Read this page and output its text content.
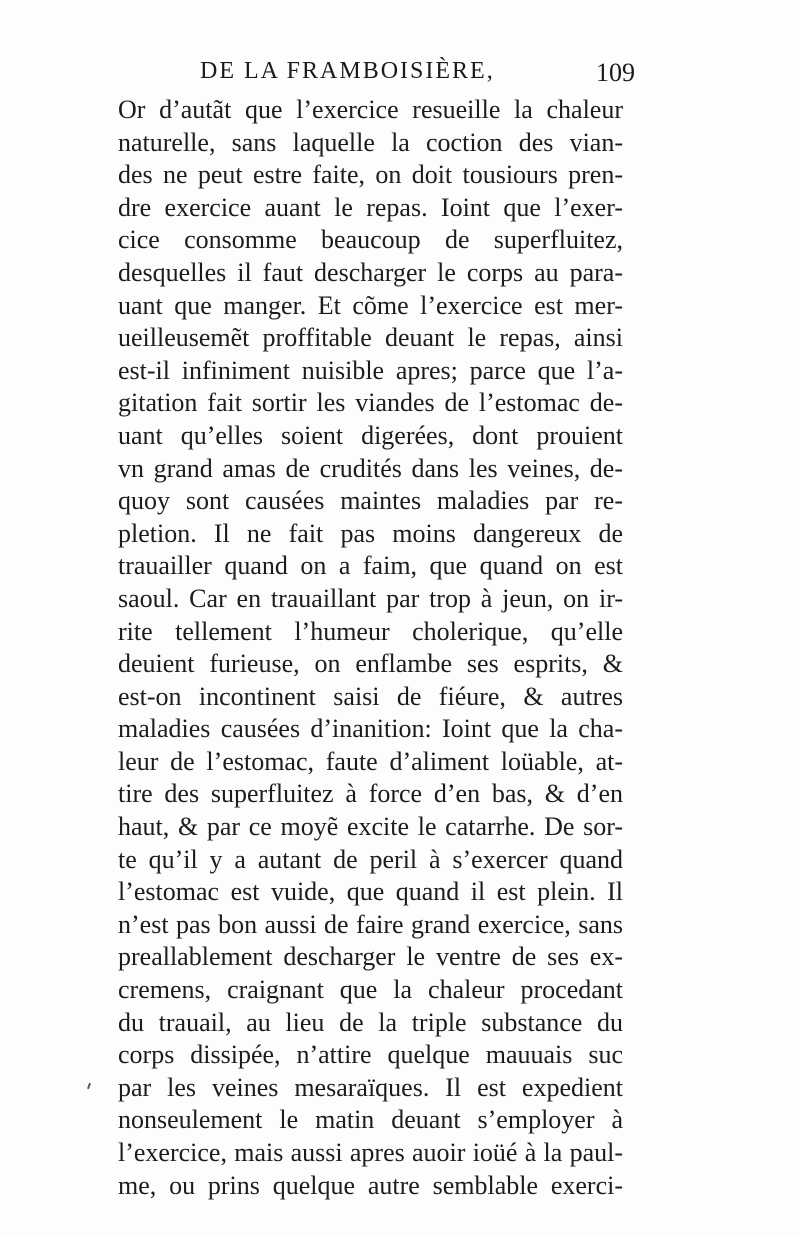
DE LA FRAMBOISIÈRE,	109
Or d’autãt que l’exercice resueille la chaleur
naturelle, sans laquelle la coction des vian-
des ne peut estre faite, on doit tousiours pren-
dre exercice auant le repas. Ioint que l’exer-
cice consomme beaucoup de superfluitez,
desquelles il faut descharger le corps au para-
uant que manger. Et cõme l’exercice est mer-
ueilleusemẽt proffitable deuant le repas, ainsi
est-il infiniment nuisible apres; parce que l’a-
gitation fait sortir les viandes de l’estomac de-
uant qu’elles soient digerées, dont prouient
vn grand amas de crudités dans les veines, de-
quoy sont causées maintes maladies par re-
pletion. Il ne fait pas moins dangereux de
trauailler quand on a faim, que quand on est
saoul. Car en trauaillant par trop à jeun, on ir-
rite tellement l’humeur cholerique, qu’elle
deuient furieuse, on enflambe ses esprits, &
est-on incontinent saisi de fiéure, & autres
maladies causées d’inanition: Ioint que la cha-
leur de l’estomac, faute d’aliment loüable, at-
tire des superfluitez à force d’en bas, & d’en
haut, & par ce moyẽ excite le catarrhe. De sor-
te qu’il y a autant de peril à s’exercer quand
l’estomac est vuide, que quand il est plein. Il
n’est pas bon aussi de faire grand exercice, sans
preallablement descharger le ventre de ses ex-
cremens, craignant que la chaleur procedant
du trauail, au lieu de la triple substance du
corps dissipée, n’attire quelque mauuais suc
par les veines mesaraïques. Il est expedient
nonseulement le matin deuant s’employer à
l’exercice, mais aussi apres auoir ioüé à la paul-
me, ou prins quelque autre semblable exerci-
